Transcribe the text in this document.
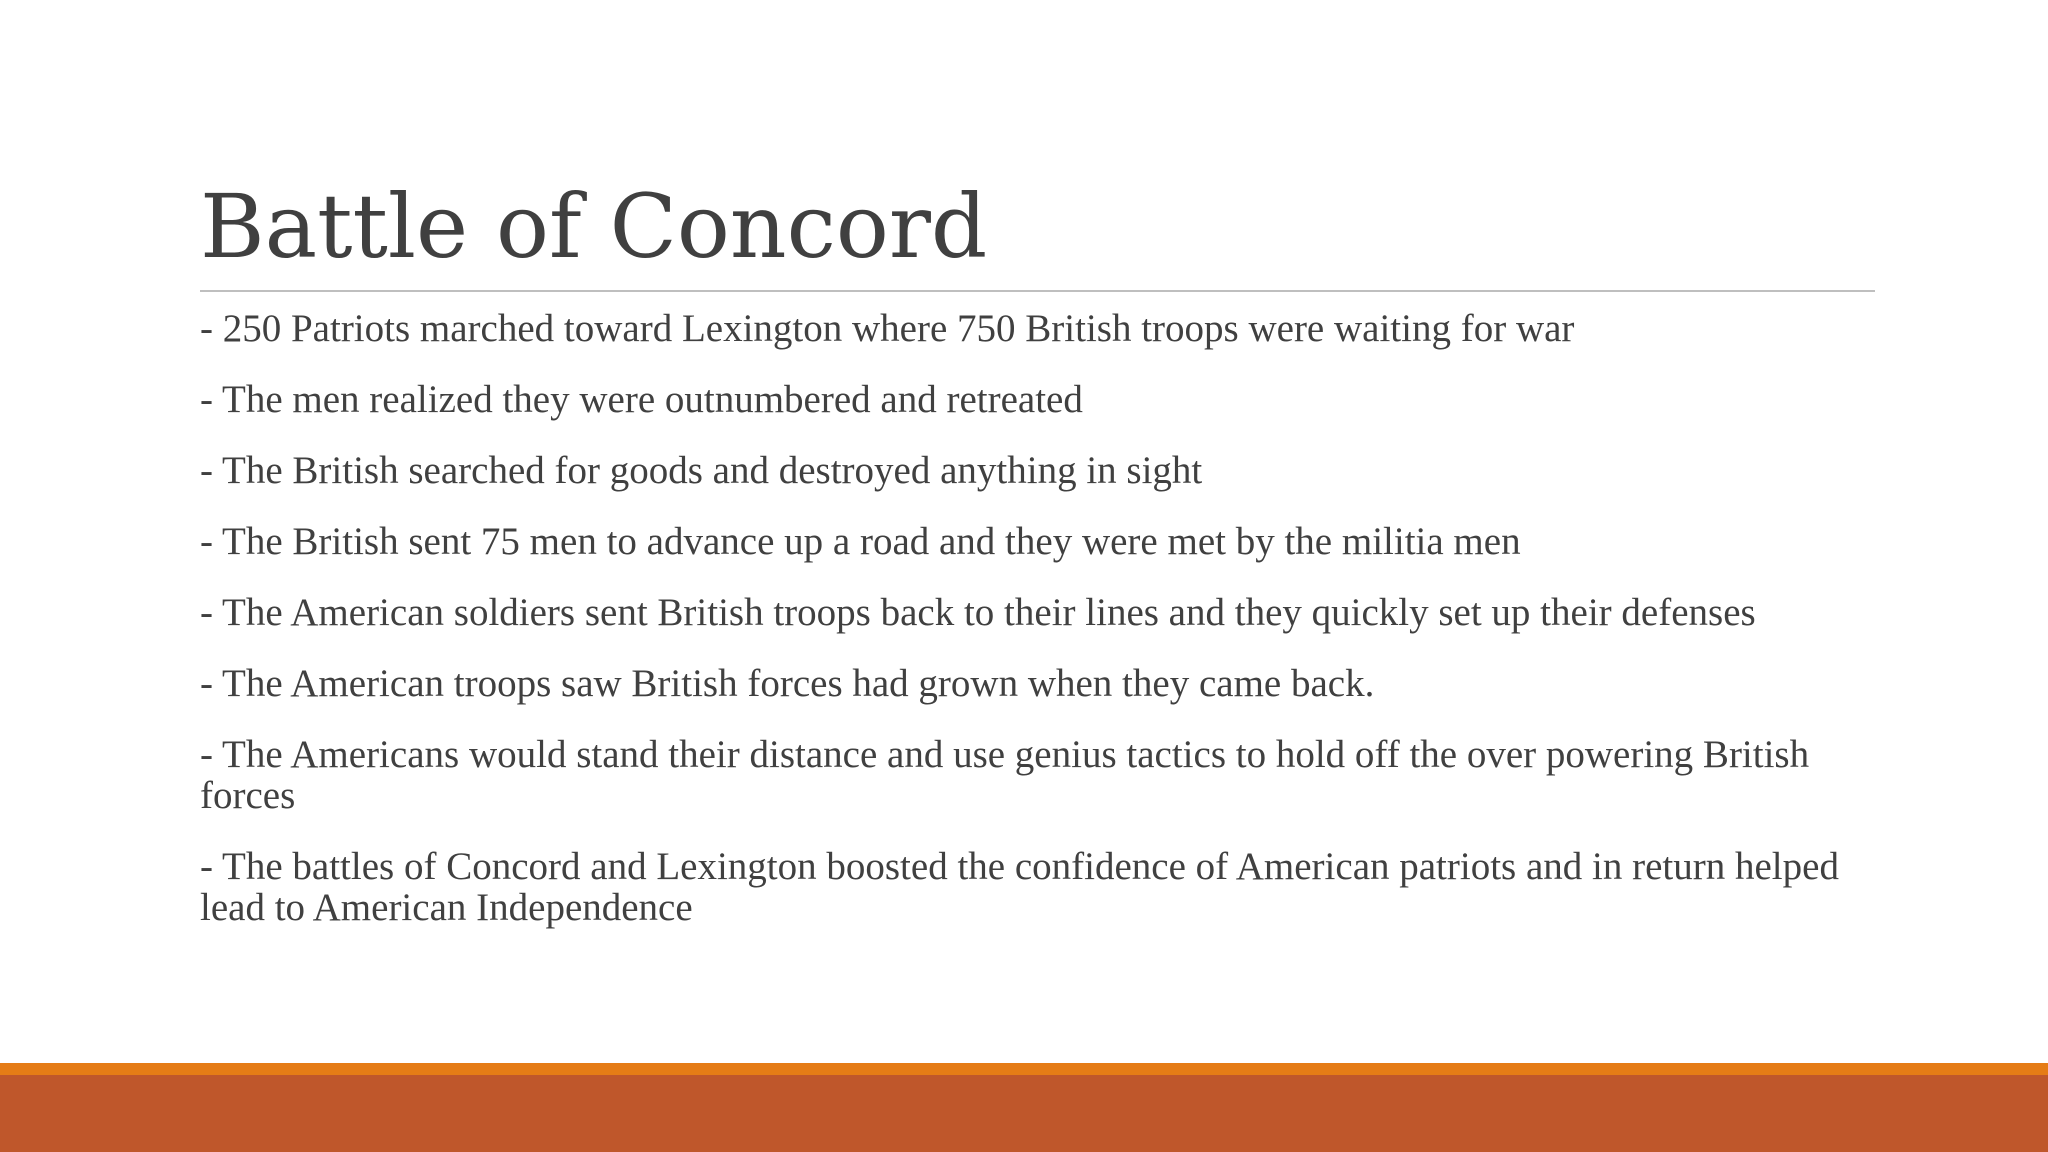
Battle of Concord
- 250 Patriots marched toward Lexington where 750 British troops were waiting for war
- The men realized they were outnumbered and retreated
- The British searched for goods and destroyed anything in sight
- The British sent 75 men to advance up a road and they were met by the militia men
- The American soldiers sent British troops back to their lines and they quickly set up their defenses
- The American troops saw British forces had grown when they came back.
- The Americans would stand their distance and use genius tactics to hold off the over powering British forces
- The battles of Concord and Lexington boosted the confidence of American patriots and in return helped lead to American Independence
